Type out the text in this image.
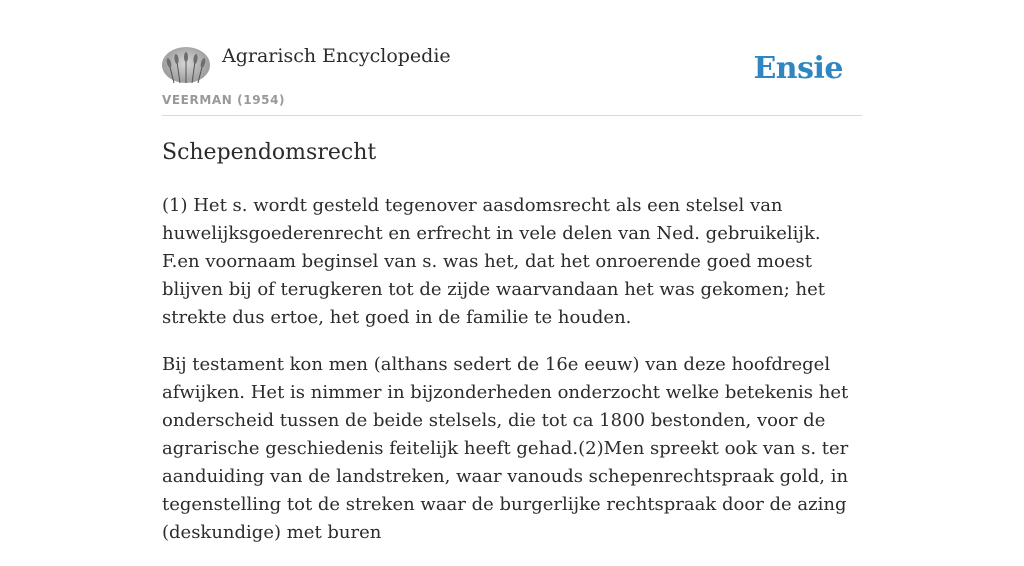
Agrarisch Encyclopedie	Ensie
VEERMAN (1954)
Schependomsrecht

(1) Het s. wordt gesteld tegenover aasdomsrecht als een stelsel van huwelijksgoederenrecht en erfrecht in vele delen van Ned. gebruikelijk. F.en voornaam beginsel van s. was het, dat het onroerende goed moest blijven bij of terugkeren tot de zijde waarvandaan het was gekomen; het strekte dus ertoe, het goed in de familie te houden.

Bij testament kon men (althans sedert de 16e eeuw) van deze hoofdregel afwijken. Het is nimmer in bijzonderheden onderzocht welke betekenis het onderscheid tussen de beide stelsels, die tot ca 1800 bestonden, voor de agrarische geschiedenis feitelijk heeft gehad.(2)Men spreekt ook van s. ter aanduiding van de landstreken, waar vanouds schepenrechtspraak gold, in tegenstelling tot de streken waar de burgerlijke rechtspraak door de azing (deskundige) met buren
